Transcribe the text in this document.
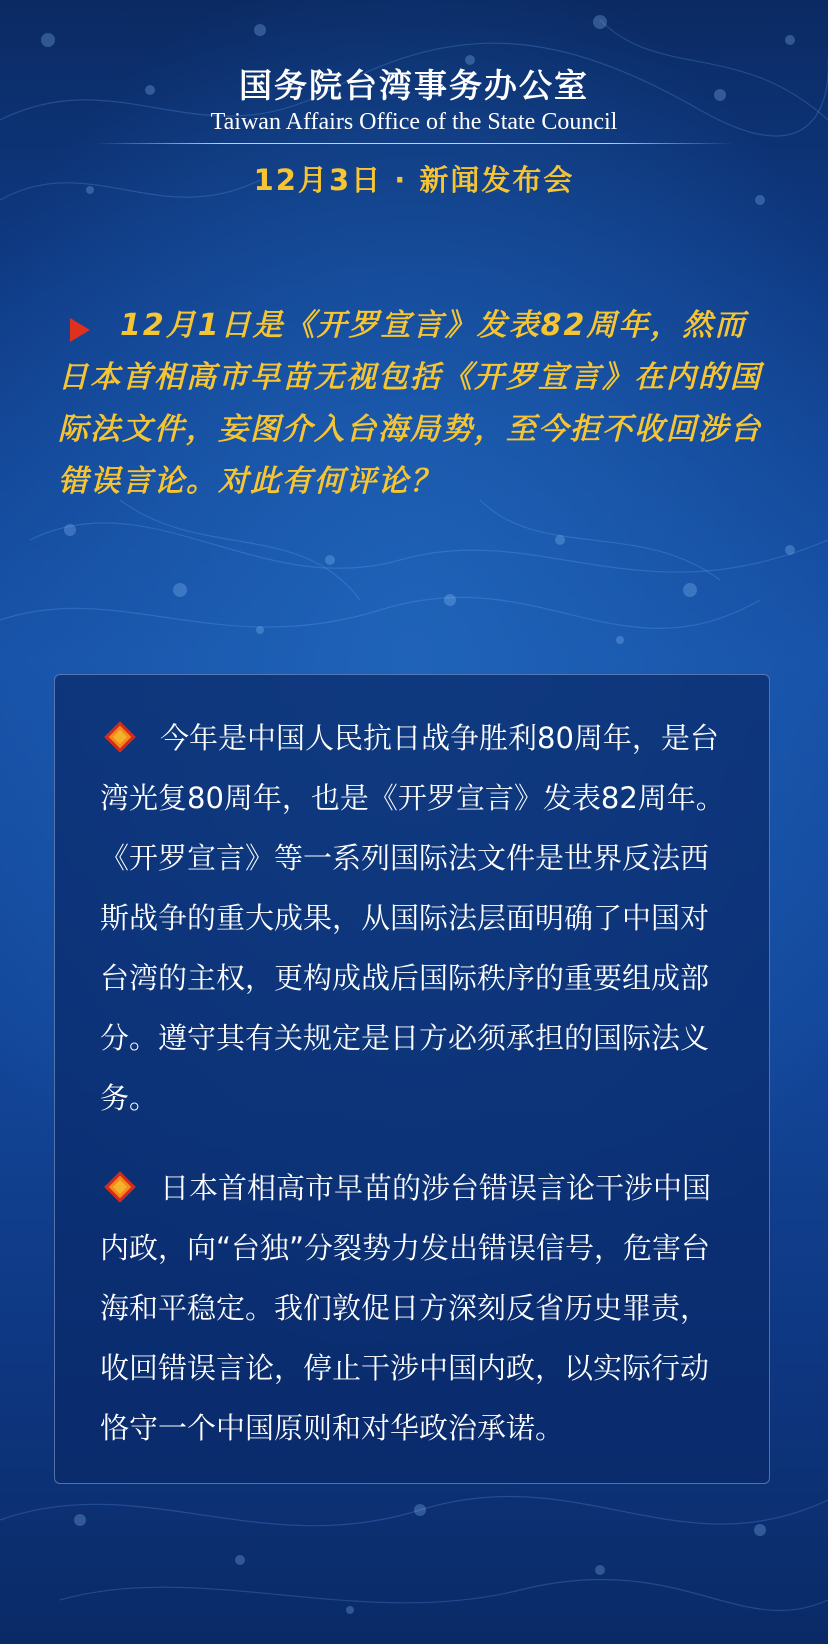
国务院台湾事务办公室
Taiwan Affairs Office of the State Council
12月3日 · 新闻发布会
12月1日是《开罗宣言》发表82周年，然而日本首相高市早苗无视包括《开罗宣言》在内的国际法文件，妄图介入台海局势，至今拒不收回涉台错误言论。对此有何评论？

今年是中国人民抗日战争胜利80周年，是台湾光复80周年，也是《开罗宣言》发表82周年。《开罗宣言》等一系列国际法文件是世界反法西斯战争的重大成果，从国际法层面明确了中国对台湾的主权，更构成战后国际秩序的重要组成部分。遵守其有关规定是日方必须承担的国际法义务。

日本首相高市早苗的涉台错误言论干涉中国内政，向“台独”分裂势力发出错误信号，危害台海和平稳定。我们敦促日方深刻反省历史罪责，收回错误言论，停止干涉中国内政，以实际行动恪守一个中国原则和对华政治承诺。
